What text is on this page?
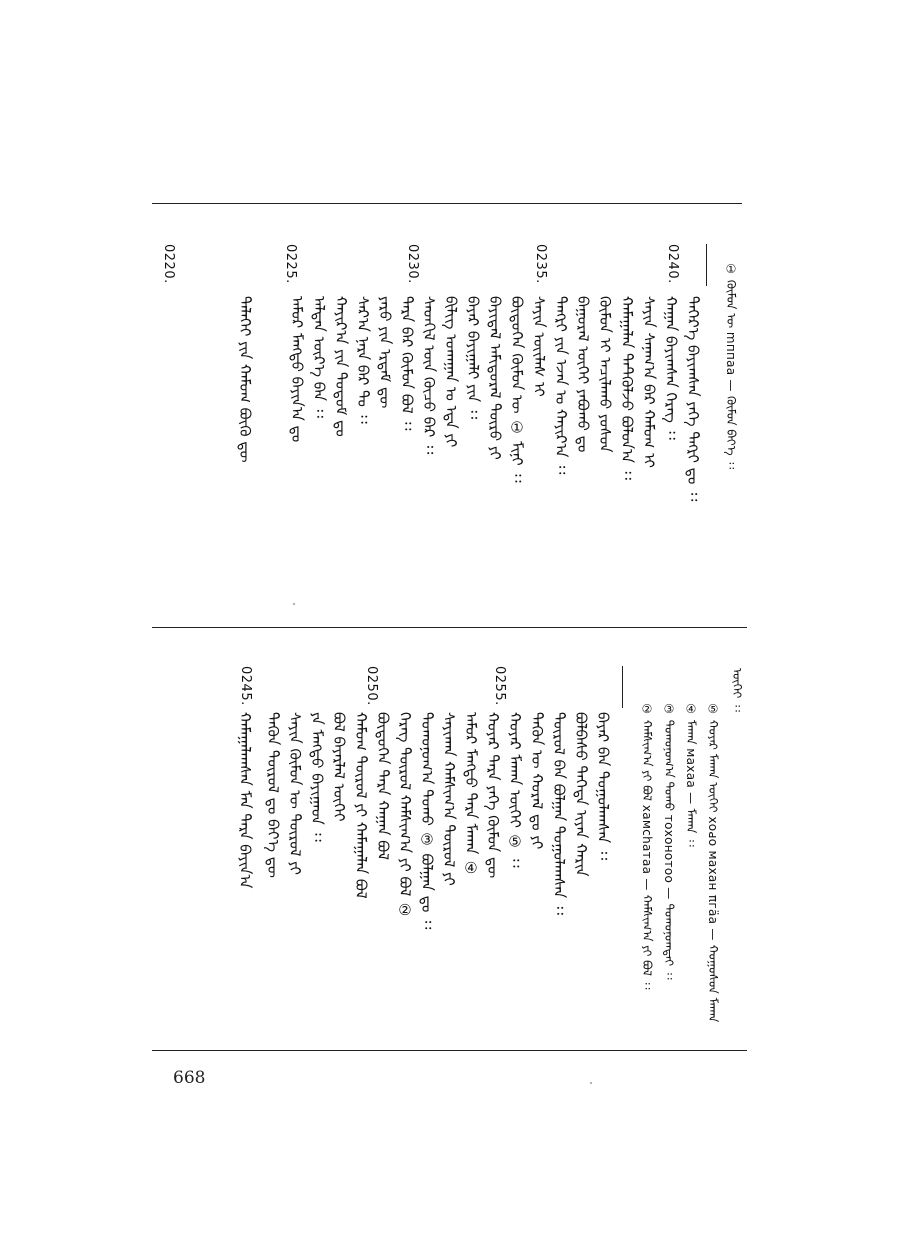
① ᠬᠦᠮᠦᠨ ᠦ mппаа — ᠬᠦᠮᠦᠨ ᠪᠡᠶ᠎ᠡ ᠄᠄
0240.
0235.
0230.
0225.
0220.
ᠳᠡᠭᠡᠷ᠎ᠡ ᠪᠠᠶᠢᠭᠰᠠᠨ ᠶᠡᠬᠡ ᠲᠩᠷᠢ ᠳᠤ ᠄᠄
ᠬᠠᠭᠠᠨ ᠪᠠᠶᠢᠭᠰᠠᠨ ᠬᠡᠷᠡᠭ ᠄᠄
ᠰᠠᠶᠢᠨ ᠰᠠᠨᠠᠭ᠎ᠠ ᠪᠡᠷ ᠬᠠᠮᠤᠭ ᠢ
ᠬᠠᠮᠠᠭᠠᠯᠠᠨ ᠲᠡᠲᠭᠦᠯᠵᠦ ᠪᠣᠯᠤᠨ᠎ᠠ ᠄᠄
ᠬᠦᠮᠦᠨ ᠢ ᠠᠴᠢᠯᠠᠬᠤ ᠶᠣᠰᠣᠨ
ᠪᠠᠭᠤᠷᠠᠯ ᠦᠭᠡᠢ ᠶᠠᠪᠤᠬᠤ ᠳᠤ
ᠲᠡᠩᠷᠢ ᠶᠢᠨ ᠡᠵᠡᠨ ᠤ ᠬᠠᠶᠢᠷ᠎ᠠ ᠄᠄
ᠰᠠᠶᠢᠨ ᠦᠢᠯᠡᠰ ᠢ
ᠪᠦᠲᠦᠭᠡᠨ ᠬᠦᠮᠦᠨ ᠦ ① ᠮᠢᠨᠢ ᠄᠄
ᠪᠠᠶᠢᠳᠠᠯ ᠠᠮᠢᠳᠤᠷᠠᠯ ᠲᠦᠷᠦ ᠶᠢ
ᠪᠠᠶᠠᠷ ᠪᠠᠶᠢᠭᠠᠯᠢ ᠶᠢᠨ ᠄᠄
ᠪᠢᠯᠢᠭ ᠤᠬᠠᠭᠠᠨ ᠤ ᠡᠳᠡ ᠶᠢ
ᠰᠡᠳᠬᠢᠯ ᠦᠨ ᠬᠦᠴᠦ ᠪᠠᠷ ᠄᠄
ᠲᠡᠷᠡ ᠪᠡᠷ ᠬᠦᠮᠦᠨ ᠪᠣᠯ ᠄᠄
ᠶᠡᠷᠦ ᠶᠢᠨ ᠡᠷᠳᠡᠮ ᠳᠦ
ᠰᠠᠷ᠎ᠠ ᠨᠠᠷᠠ ᠪᠡᠷ ᠲᠤ ᠄᠄
ᠬᠠᠶᠢᠷ᠎ᠠ ᠶᠢᠨ ᠳᠤᠲᠤᠮ ᠳᠤ
ᠠᠯᠲᠠᠨ ᠦᠷ᠎ᠡ ᠪᠡᠨ ᠄᠄
ᠠᠮᠤᠷ ᠮᠡᠩᠳᠦ ᠪᠠᠶᠢᠨ᠎ᠠ ᠳᠤ
ᠳᠡᠯᠡᠬᠡᠢ ᠶᠢᠨ ᠬᠠᠮᠤᠭ ᠪᠦᠬᠦ ᠳᠦ
ᠦᠭᠡᠢ ᠄᠄
⑤ ᠬᠣᠶᠠᠷ ᠮᠠᠬᠠᠨ ᠦᠭᠡᠢ хоԁо махан πгӓа — ᠬᠣᠭᠤᠰᠣᠨ ᠮᠠᠬᠠᠨ
④ ᠮᠠᠬᠠᠨ махаа — ᠮᠠᠬᠠᠨ ᠄᠄
③ ᠲᠣᠬᠣᠨᠣᠭ᠎ᠠ ᠲᠣᠬᠣ тохонотоо — ᠲᠣᠬᠣᠨᠣᠭᠲᠠᠢ ᠄᠄
② ᠬᠠᠮᠰᠢᠭ᠎ᠠ ᠶᠢ ᠪᠣᠯ хамсһатаа — ᠬᠠᠮᠰᠢᠭ᠎ᠠ ᠶᠢ ᠪᠣᠯ ᠄᠄
0255.
0250.
0245.
ᠪᠠᠶᠠᠷ ᠪᠠᠨ ᠳᠤᠭᠤᠯᠠᠭᠰᠠᠨ ᠄᠄
ᠪᠣᠯᠪᠠᠰᠤ ᠲᠡᠭᠡᠳᠡ ᠢᠶᠡᠨ ᠬᠠᠷᠢᠨ
ᠲᠦᠷᠦᠯ ᠪᠠᠨ ᠪᠣᠯᠭᠠᠨ ᠳᠤᠭᠤᠯᠠᠭᠰᠠᠨ ᠄᠄
ᠲᠡᠭᠦᠨ ᠦ ᠬᠤᠷᠠᠯ ᠳᠤ ᠶᠢ
ᠬᠣᠶᠠᠷ ᠮᠠᠬᠠᠨ ᠦᠭᠡᠢ ⑤ ᠄᠄
ᠬᠣᠶᠠᠷ ᠲᠡᠷᠡ ᠶᠡᠬᠡ ᠬᠦᠮᠦᠨ ᠳᠦ
ᠠᠮᠤᠷ ᠮᠡᠩᠳᠦ ᠲᠡᠷᠡ ᠮᠠᠬᠠᠨ ④
ᠰᠠᠶᠢᠬᠠᠨ ᠬᠠᠮᠰᠢᠭ᠎ᠠ ᠲᠦᠷᠦᠯ ᠶᠢ
ᠲᠣᠬᠣᠨᠣᠭ᠎ᠠ ᠲᠣᠬᠣ ③ ᠪᠣᠯᠭᠠᠨ ᠳᠤ ᠄᠄
ᠬᠡᠷᠡᠭ ᠲᠦᠷᠦᠯ ᠬᠠᠮᠰᠢᠭ᠎ᠠ ᠶᠢ ᠪᠣᠯ ②
ᠪᠦᠲᠦᠭᠡᠨ ᠲᠡᠷᠡ ᠬᠠᠭᠠᠨ ᠪᠣᠯ
ᠬᠠᠮᠤᠭ ᠲᠦᠷᠦᠯ ᠶᠢ ᠬᠠᠮᠠᠭᠠᠯᠠᠨ ᠪᠣᠯ
ᠪᠣᠯ ᠪᠠᠶᠠᠷᠯᠠᠯ ᠦᠭᠡᠢ
ᠶᠠ ᠮᠡᠩᠳᠦ ᠪᠠᠶᠢᠭᠠᠳ ᠄᠄
ᠰᠠᠶᠢᠨ ᠬᠦᠮᠦᠨ ᠦ ᠲᠦᠷᠦᠯ ᠶᠢ
ᠲᠡᠭᠦᠨ ᠲᠦᠷᠦᠯ ᠳᠤ ᠪᠡᠶ᠎ᠡ ᠳᠦ
ᠬᠠᠮᠠᠭᠠᠯᠠᠭᠰᠠᠨ ᠮᠠᠨ ᠲᠡᠷᠡ ᠪᠠᠶᠢᠨ᠎ᠠ
668
